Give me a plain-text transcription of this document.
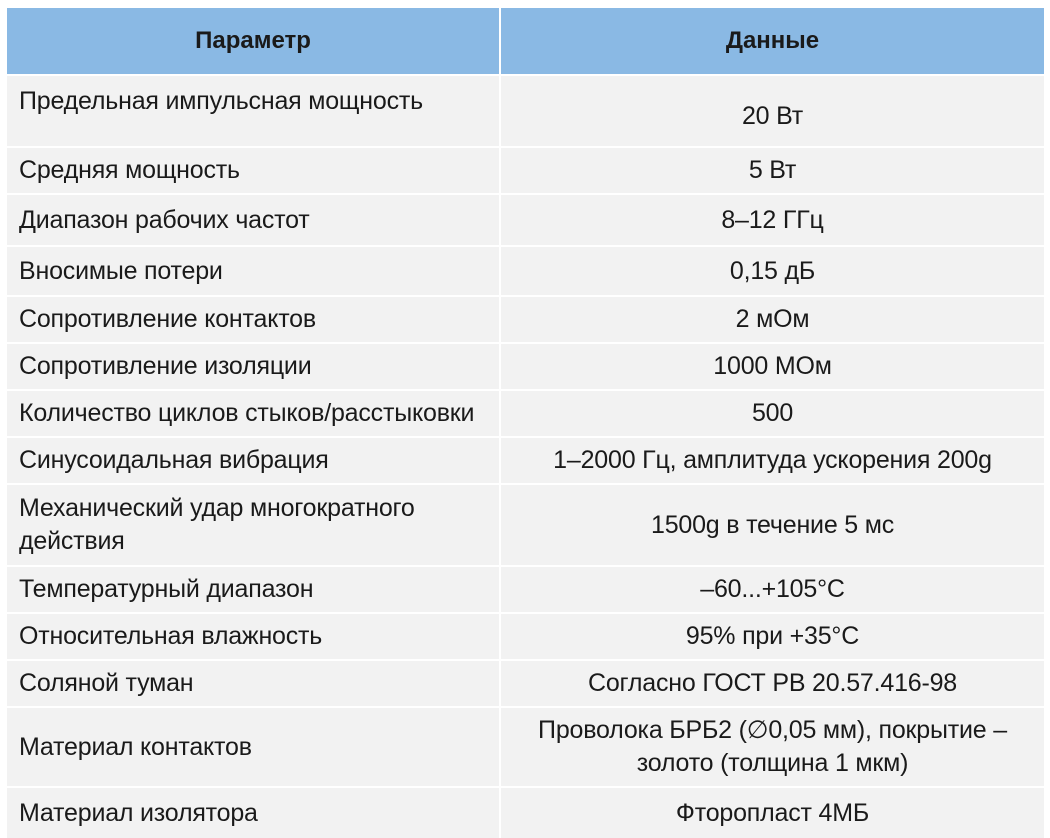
Параметр	Данные
Предельная импульсная мощность	20 Вт
Средняя мощность	5 Вт
Диапазон рабочих частот	8–12 ГГц
Вносимые потери	0,15 дБ
Сопротивление контактов	2 мОм
Сопротивление изоляции	1000 МОм
Количество циклов стыков/расстыковки	500
Синусоидальная вибрация	1–2000 Гц, амплитуда ускорения 200g
Механический удар многократного действия	1500g в течение 5 мс
Температурный диапазон	–60...+105°С
Относительная влажность	95% при +35°С
Соляной туман	Согласно ГОСТ РВ 20.57.416-98
Материал контактов	Проволока БРБ2 (∅0,05 мм), покрытие – золото (толщина 1 мкм)
Материал изолятора	Фторопласт 4МБ
